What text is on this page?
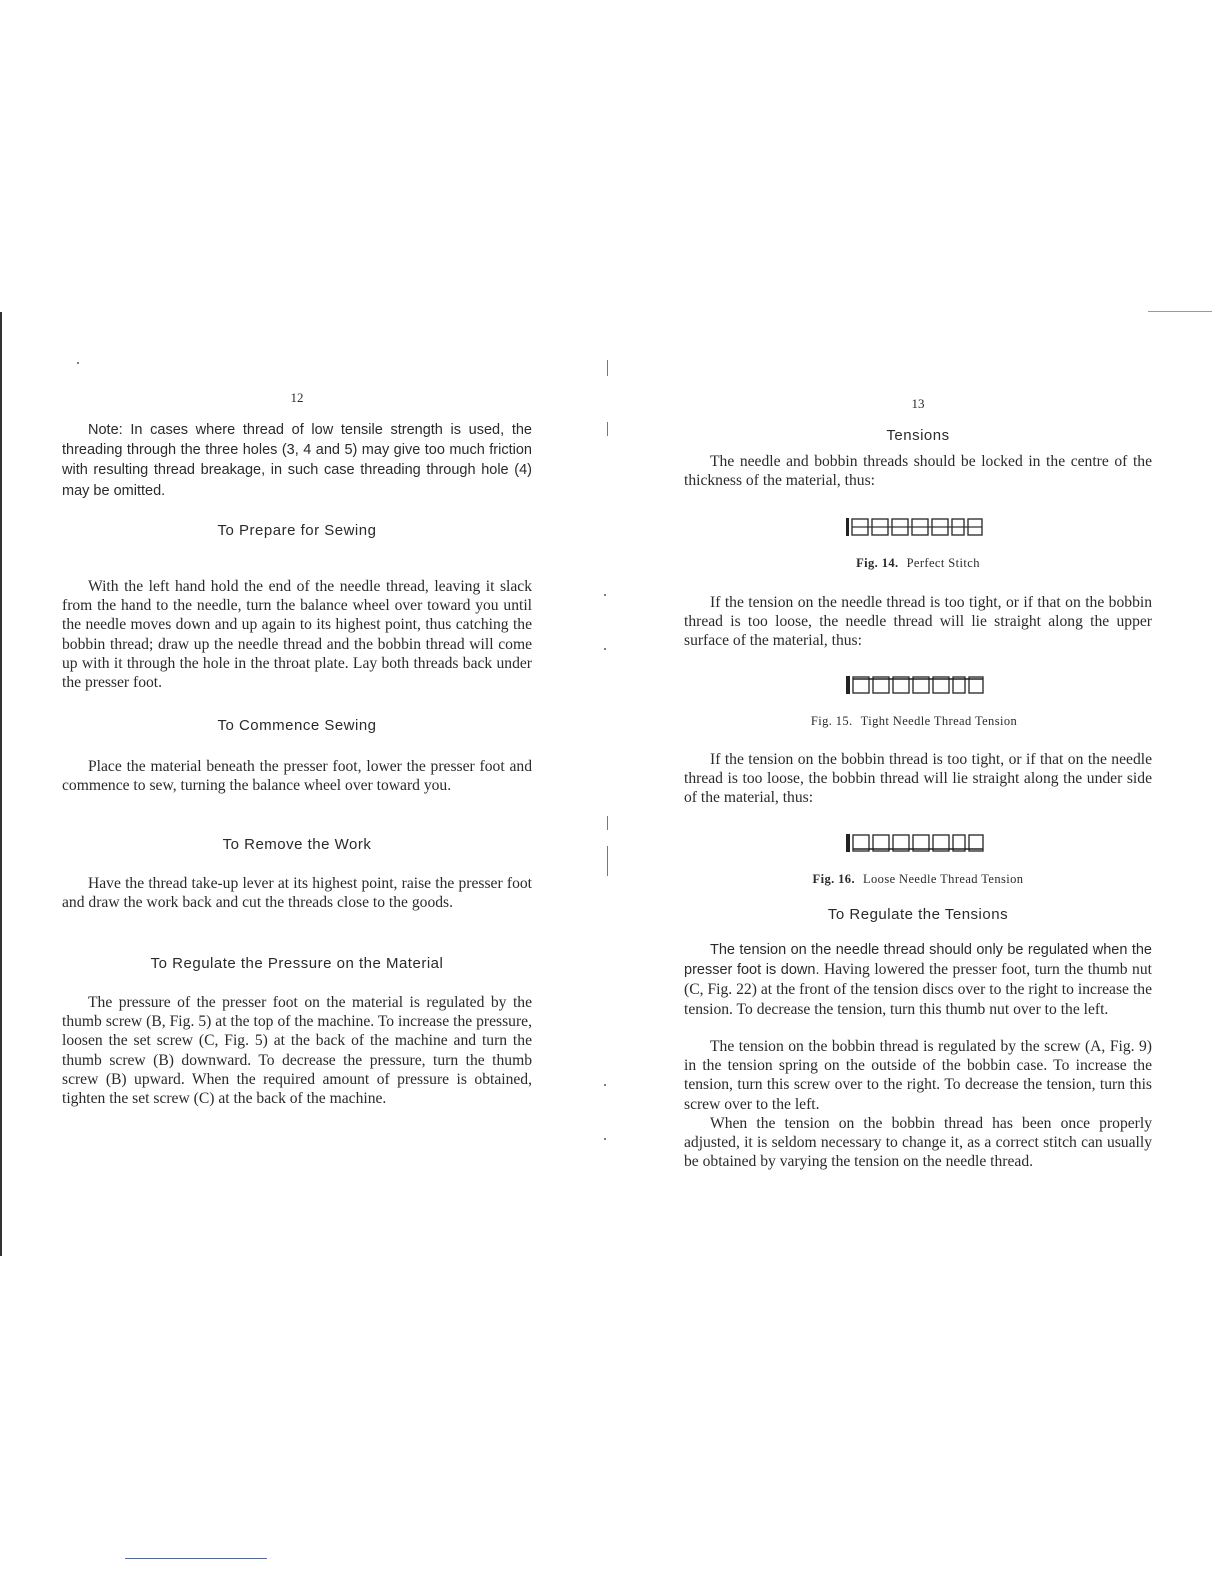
12

Note: In cases where thread of low tensile strength is used, the threading through the three holes (3, 4 and 5) may give too much friction with resulting thread breakage, in such case threading through hole (4) may be omitted.

To Prepare for Sewing

With the left hand hold the end of the needle thread, leaving it slack from the hand to the needle, turn the balance wheel over toward you until the needle moves down and up again to its highest point, thus catching the bobbin thread; draw up the needle thread and the bobbin thread will come up with it through the hole in the throat plate. Lay both threads back under the presser foot.

To Commence Sewing

Place the material beneath the presser foot, lower the presser foot and commence to sew, turning the balance wheel over toward you.

To Remove the Work

Have the thread take-up lever at its highest point, raise the presser foot and draw the work back and cut the threads close to the goods.

To Regulate the Pressure on the Material

The pressure of the presser foot on the material is regulated by the thumb screw (B, Fig. 5) at the top of the machine. To increase the pressure, loosen the set screw (C, Fig. 5) at the back of the machine and turn the thumb screw (B) downward. To decrease the pressure, turn the thumb screw (B) upward. When the required amount of pressure is obtained, tighten the set screw (C) at the back of the machine.

13
Tensions

The needle and bobbin threads should be locked in the centre of the thickness of the material, thus:

Fig. 14. Perfect Stitch

If the tension on the needle thread is too tight, or if that on the bobbin thread is too loose, the needle thread will lie straight along the upper surface of the material, thus:

Fig. 15. Tight Needle Thread Tension

If the tension on the bobbin thread is too tight, or if that on the needle thread is too loose, the bobbin thread will lie straight along the under side of the material, thus:

Fig. 16. Loose Needle Thread Tension
To Regulate the Tensions

The tension on the needle thread should only be regulated when the presser foot is down. Having lowered the presser foot, turn the thumb nut (C, Fig. 22) at the front of the tension discs over to the right to increase the tension. To decrease the tension, turn this thumb nut over to the left.

The tension on the bobbin thread is regulated by the screw (A, Fig. 9) in the tension spring on the outside of the bobbin case. To increase the tension, turn this screw over to the right. To decrease the tension, turn this screw over to the left.

When the tension on the bobbin thread has been once properly adjusted, it is seldom necessary to change it, as a correct stitch can usually be obtained by varying the tension on the needle thread.
